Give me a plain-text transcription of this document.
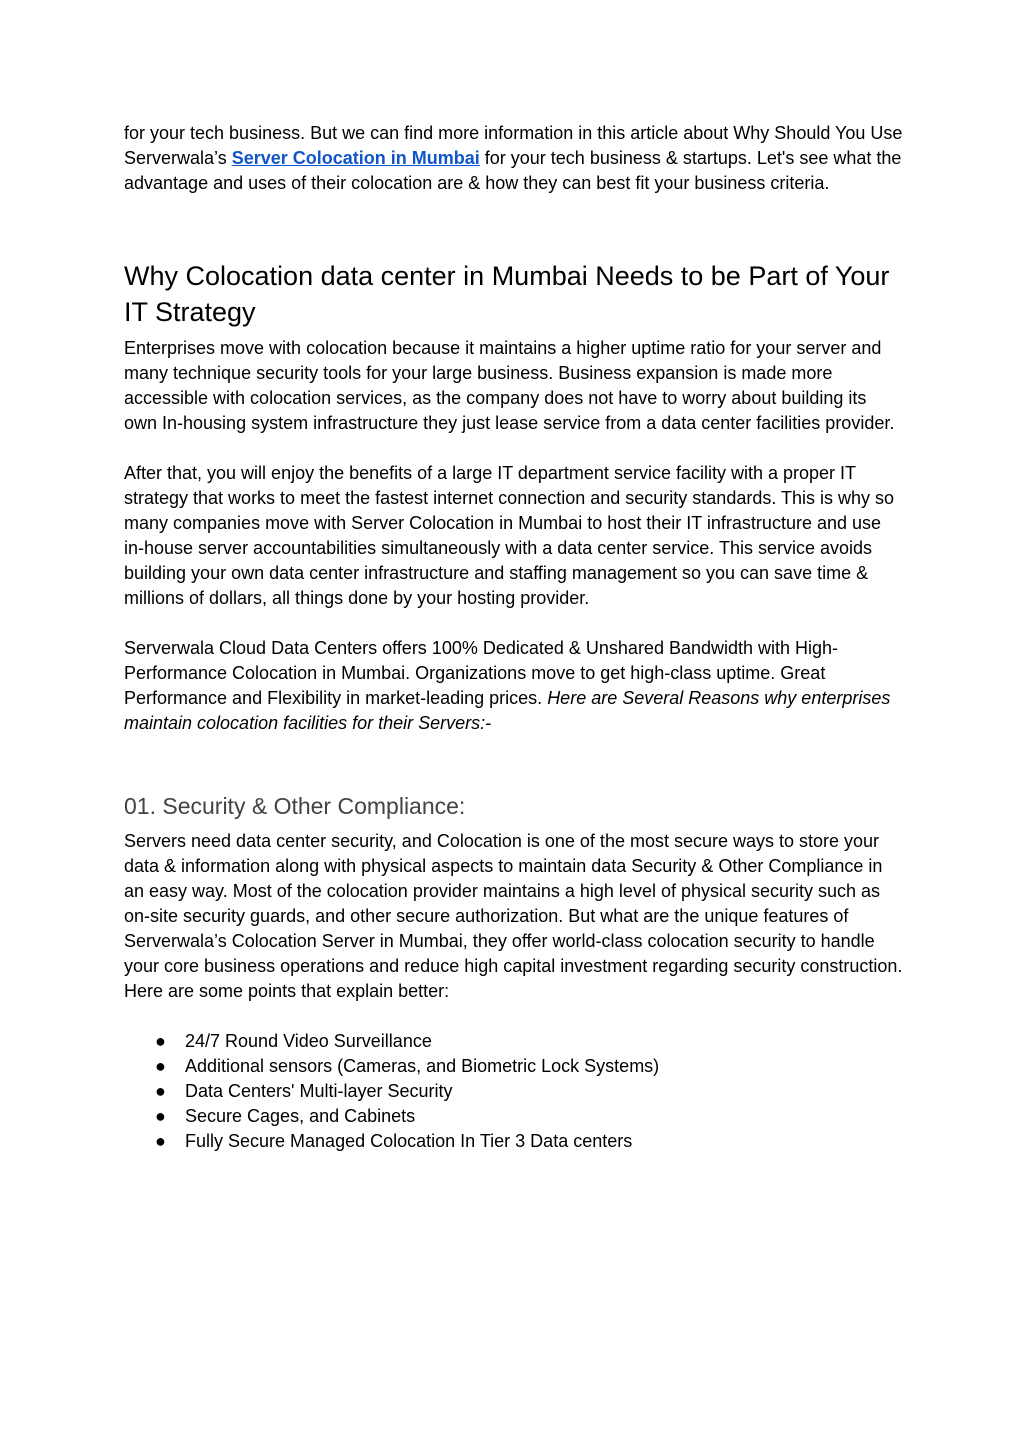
for your tech business. But we can find more information in this article about Why Should You Use Serverwala’s Server Colocation in Mumbai for your tech business & startups. Let's see what the advantage and uses of their colocation are & how they can best fit your business criteria.

Why Colocation data center in Mumbai Needs to be Part of Your IT Strategy

Enterprises move with colocation because it maintains a higher uptime ratio for your server and many technique security tools for your large business. Business expansion is made more accessible with colocation services, as the company does not have to worry about building its own In-housing system infrastructure they just lease service from a data center facilities provider.

After that, you will enjoy the benefits of a large IT department service facility with a proper IT strategy that works to meet the fastest internet connection and security standards. This is why so many companies move with Server Colocation in Mumbai to host their IT infrastructure and use in-house server accountabilities simultaneously with a data center service. This service avoids building your own data center infrastructure and staffing management so you can save time & millions of dollars, all things done by your hosting provider.

Serverwala Cloud Data Centers offers 100% Dedicated & Unshared Bandwidth with High-Performance Colocation in Mumbai. Organizations move to get high-class uptime. Great Performance and Flexibility in market-leading prices. Here are Several Reasons why enterprises maintain colocation facilities for their Servers:-

01. Security & Other Compliance:

Servers need data center security, and Colocation is one of the most secure ways to store your data & information along with physical aspects to maintain data Security & Other Compliance in an easy way. Most of the colocation provider maintains a high level of physical security such as on-site security guards, and other secure authorization. But what are the unique features of Serverwala’s Colocation Server in Mumbai, they offer world-class colocation security to handle your core business operations and reduce high capital investment regarding security construction. Here are some points that explain better:

● 24/7 Round Video Surveillance
● Additional sensors (Cameras, and Biometric Lock Systems)
● Data Centers' Multi-layer Security
● Secure Cages, and Cabinets
● Fully Secure Managed Colocation In Tier 3 Data centers
